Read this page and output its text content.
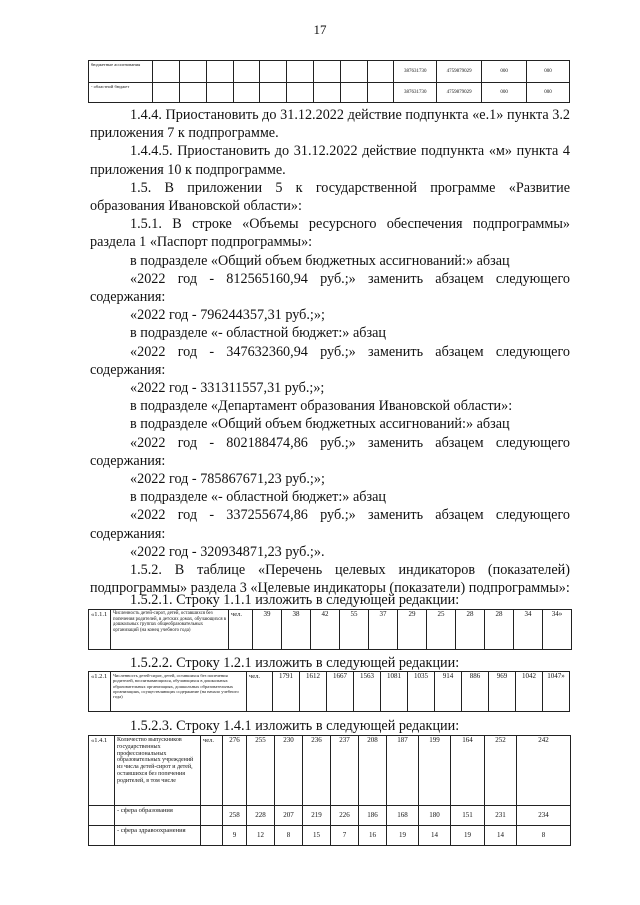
17
бюджетные ассигнования										387631730	4759879029	000	000
- областной бюджет										387631730	4759879029	000	000

1.4.4. Приостановить до 31.12.2022 действие подпункта «е.1» пункта 3.2 приложения 7 к подпрограмме.

1.4.4.5. Приостановить до 31.12.2022 действие подпункта «м» пункта 4 приложения 10 к подпрограмме.

1.5. В приложении 5 к государственной программе «Развитие образования Ивановской области»:

1.5.1. В строке «Объемы ресурсного обеспечения подпрограммы» раздела 1 «Паспорт подпрограммы»:

в подразделе «Общий объем бюджетных ассигнований:» абзац

«2022 год - 812565160,94 руб.;» заменить абзацем следующего содержания:

«2022 год - 796244357,31 руб.;»;

в подразделе «- областной бюджет:» абзац

«2022 год - 347632360,94 руб.;» заменить абзацем следующего содержания:

«2022 год - 331311557,31 руб.;»;

в подразделе «Департамент образования Ивановской области»:

в подразделе «Общий объем бюджетных ассигнований:» абзац

«2022 год - 802188474,86 руб.;» заменить абзацем следующего содержания:

«2022 год - 785867671,23 руб.;»;

в подразделе «- областной бюджет:» абзац

«2022 год - 337255674,86 руб.;» заменить абзацем следующего содержания:

«2022 год - 320934871,23 руб.;».

1.5.2. В таблице «Перечень целевых индикаторов (показателей) подпрограммы» раздела 3 «Целевые индикаторы (показатели) подпрограммы»:

1.5.2.1. Строку 1.1.1 изложить в следующей редакции:
«1.1.1	Численность детей-сирот, детей, оставшихся без попечения родителей, в детских домах, обучающихся в дошкольных группах общеобразовательных организаций (на конец учебного года)	чел.	39	38	42	55	37	29	25	28	28	34	34»
1.5.2.2. Строку 1.2.1 изложить в следующей редакции:
«1.2.1	Численность детей-сирот, детей, оставшихся без попечения родителей, воспитывающихся, обучающихся в дошкольных образовательных организациях, дошкольных образовательных организациях, осуществляющих содержание (на начало учебного года)	чел.	1791	1612	1667	1563	1081	1035	914	886	969	1042	1047»
1.5.2.3. Строку 1.4.1 изложить в следующей редакции:
«1.4.1	Количество выпускников государственных профессиональных образовательных учреждений из числа детей-сирот и детей, оставшихся без попечения родителей, в том числе	чел.	276	255	230	236	237	208	187	199	164	252	242
	- сфера образования		258	228	207	219	226	186	168	180	151	231	234
	- сфера здравоохранения		9	12	8	15	7	16	19	14	19	14	8
